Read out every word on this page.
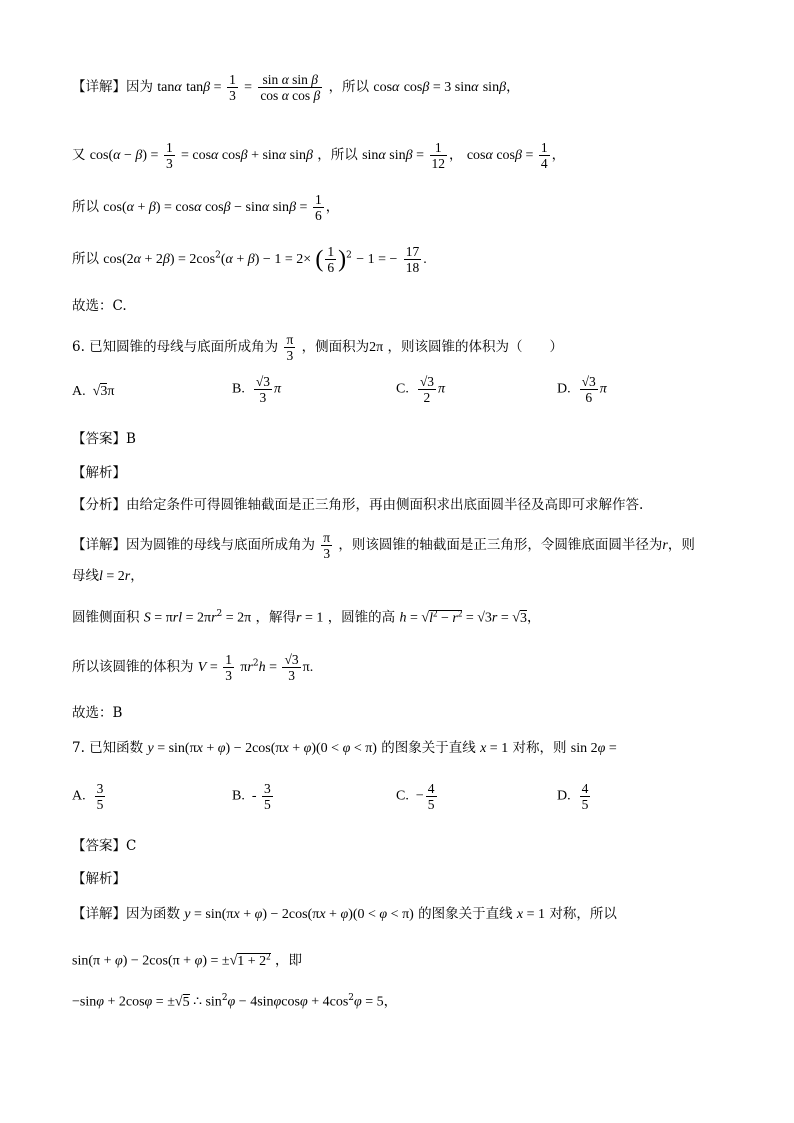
【详解】因为 tanα $\tan\beta = \frac{1}{3} = \frac{\text{sin α sin β}}{\text{cos α cos β}}$ ，所以 cosα cosβ = 3 sinα sinβ，
又 $\cos(\alpha - \beta) = \frac{1}{3} = \cos\alpha$ cosβ + sinα sinβ ，所以 sinα $\sin\beta = \frac{1}{12}$ ， cosα $\cos\beta = \frac{1}{4}$ ，
所以 cos(α + β) = cosα cosβ − sinα $\sin\beta = \frac{1}{6}$ ，
所以 $\cos(2\alpha + 2\beta) = 2\cos^2(\alpha + \beta) - 1 = 2\times$ ( $\frac{1}{6} )^2 - 1$ = − $\frac{17}{18}$ .
故选：C.
6. 已知圆锥的母线与底面所成角为 $\frac{\pi}{3}$ ，侧面积为2π ，则该圆锥的体积为（　　）
A. √3π	B. $\frac{√3}{3}$ π	C. $\frac{√3}{2}$ π	D. $\frac{√3}{6}$ π
【答案】B
【解析】
【分析】由给定条件可得圆锥轴截面是正三角形，再由侧面积求出底面圆半径及高即可求解作答.
【详解】因为圆锥的母线与底面所成角为 $\frac{\pi}{3}$ ，则该圆锥的轴截面是正三角形，令圆锥底面圆半径为r，则
母线l = 2r，
圆锥侧面积 $S = \pi rl = 2\pi r^2 = 2\pi$ ，解得r = 1 ，圆锥的高 $h = √l^2 - r^2 = √3r = √3$，
所以该圆锥的体积为 $V = \frac{1}{3} \pi r^2h = \frac{√3}{3} \pi$.
故选：B
7. 已知函数 y = sin(πx + φ) − 2cos(πx + φ)(0 < φ < π) 的图象关于直线 x = 1 对称，则 sin 2φ =
A. $\frac{3}{5}$	B.  - $\frac{3}{5}$	C.  − $\frac{4}{5}$	D. $\frac{4}{5}$
【答案】C
【解析】
【详解】因为函数 y = sin(πx + φ) − 2cos(πx + φ)(0 < φ < π) 的图象关于直线 x = 1 对称，所以
$\sin(\pi + \varphi) - 2\cos(\pi + \varphi) = \pm√1 + 2^2$ ，即
−sinφ + 2cosφ = ±√5 ∴ $\sin^2\varphi - 4\sin\varphi\cos\varphi + 4\cos^2\varphi = 5$，
